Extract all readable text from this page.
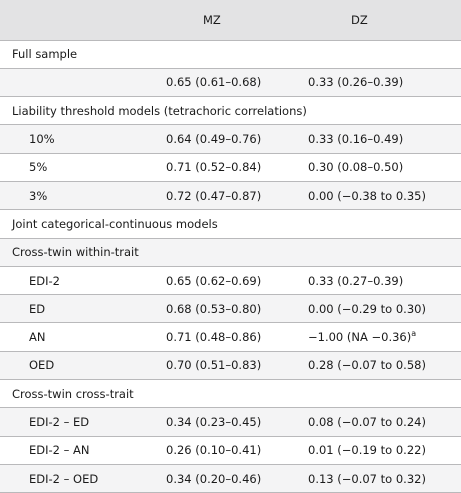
	MZ	DZ
Full sample		
	0.65 (0.61–0.68)	0.33 (0.26–0.39)
Liability threshold models (tetrachoric correlations)		
10%	0.64 (0.49–0.76)	0.33 (0.16–0.49)
5%	0.71 (0.52–0.84)	0.30 (0.08–0.50)
3%	0.72 (0.47–0.87)	0.00 (−0.38 to 0.35)
Joint categorical-continuous models		
Cross-twin within-trait		
EDI-2	0.65 (0.62–0.69)	0.33 (0.27–0.39)
ED	0.68 (0.53–0.80)	0.00 (−0.29 to 0.30)
AN	0.71 (0.48–0.86)	−1.00 (NA −0.36)$^a$
OED	0.70 (0.51–0.83)	0.28 (−0.07 to 0.58)
Cross-twin cross-trait		
EDI-2 – ED	0.34 (0.23–0.45)	0.08 (−0.07 to 0.24)
EDI-2 – AN	0.26 (0.10–0.41)	0.01 (−0.19 to 0.22)
EDI-2 – OED	0.34 (0.20–0.46)	0.13 (−0.07 to 0.32)
